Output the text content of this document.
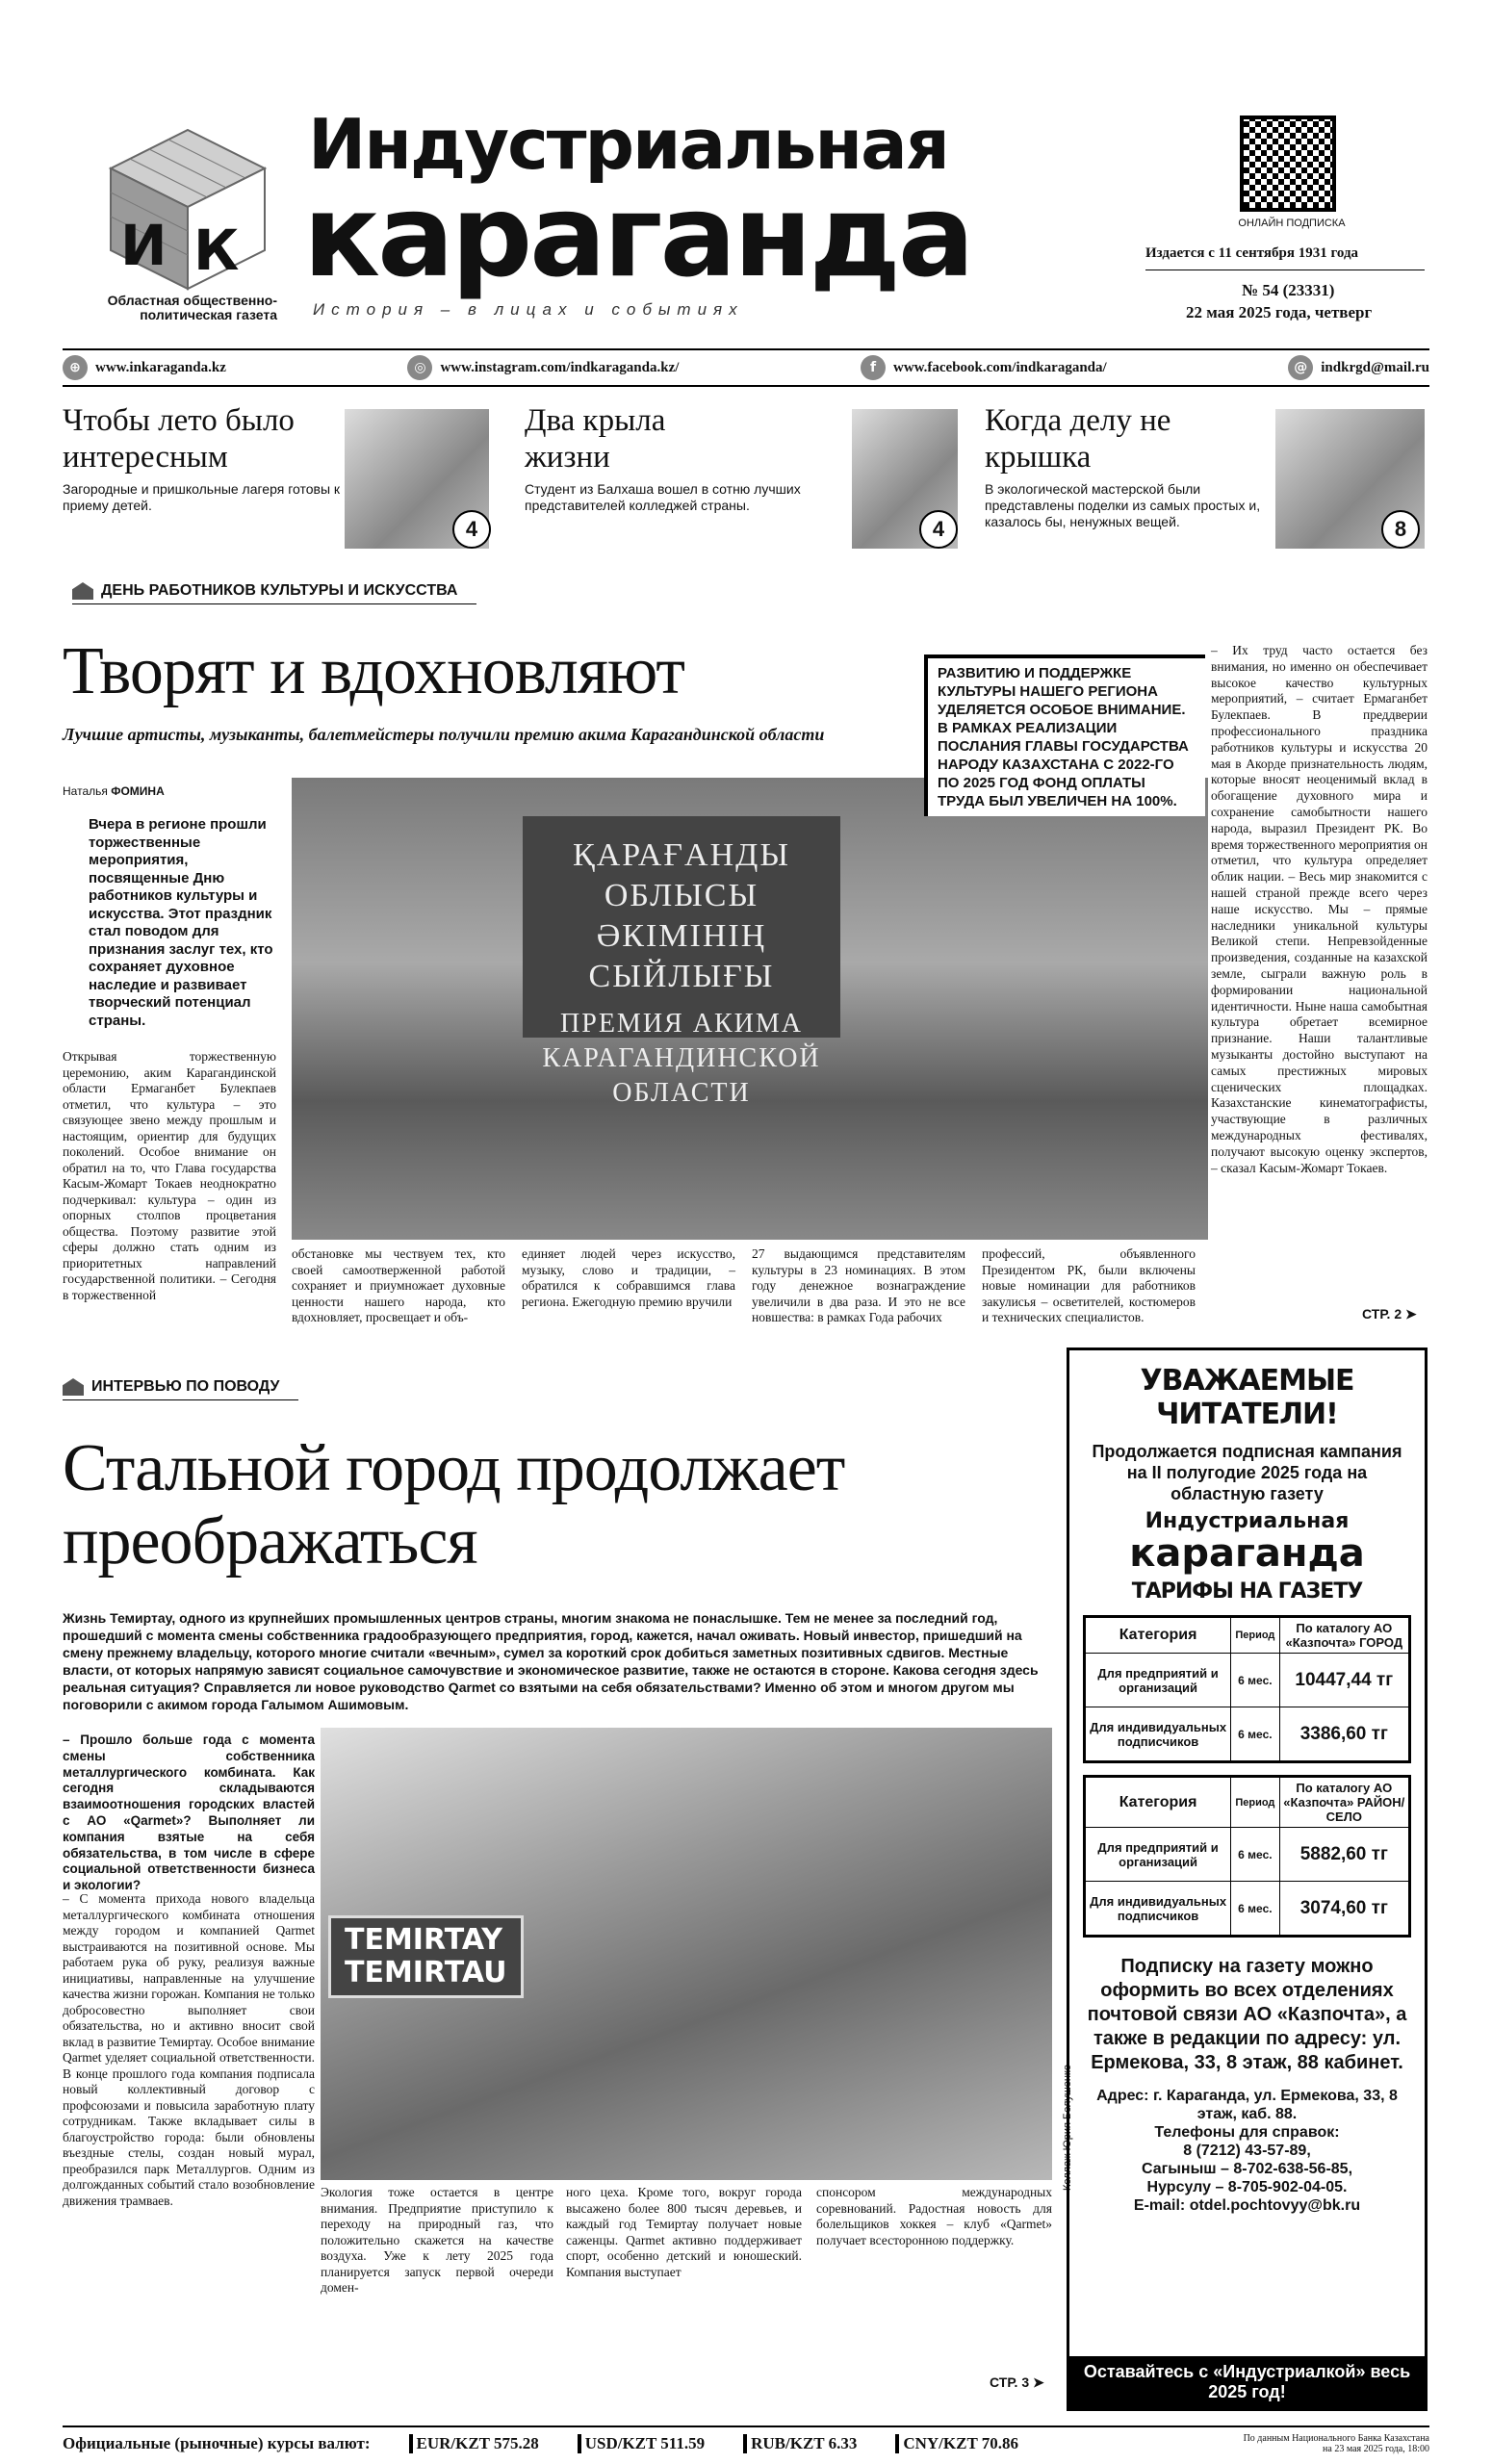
К
И
Областная общественно-политическая газета
Индустриальная
караганда
История – в лицах и событиях
ОНЛАЙН ПОДПИСКА
Издается с 11 сентября 1931 года
№ 54 (23331)
22 мая 2025 года, четверг
⊕	www.inkaraganda.kz	◎ www.instagram.com/indkaraganda.kz/	f	www.facebook.com/indkaraganda/	@ indkrgd@mail.ru
Чтобы лето было интересным
Загородные и пришкольные лагеря готовы к приему детей.
4
Два крыла жизни
Студент из Балхаша вошел в сотню лучших представителей колледжей страны.
4
Когда делу не крышка
В экологической мастерской были представлены поделки из самых простых и, казалось бы, ненужных вещей.	8
ДЕНЬ РАБОТНИКОВ КУЛЬТУРЫ И ИСКУССТВА
Творят и вдохновляют
Лучшие артисты, музыканты, балетмейстеры получили премию акима Карагандинской области
Наталья ФОМИНА
Вчера в регионе прошли торжественные мероприятия, посвященные Дню работников культуры и искусства. Этот праздник стал поводом для признания заслуг тех, кто сохраняет духовное наследие и развивает творческий потенциал страны.
ҚАРАҒАНДЫ ОБЛЫСЫ ӘКІМІНІҢ СЫЙЛЫҒЫ
ПРЕМИЯ АКИМА КАРАГАНДИНСКОЙ ОБЛАСТИ
РАЗВИТИЮ И ПОДДЕРЖКЕ КУЛЬТУРЫ НАШЕГО РЕГИОНА УДЕЛЯЕТСЯ ОСОБОЕ ВНИМАНИЕ. В РАМКАХ РЕАЛИЗАЦИИ ПОСЛАНИЯ ГЛАВЫ ГОСУДАРСТВА НАРОДУ КАЗАХСТАНА С 2022-ГО ПО 2025 ГОД ФОНД ОПЛАТЫ ТРУДА БЫЛ УВЕЛИЧЕН НА 100%.
Открывая торжественную церемонию, аким Карагандинской области Ермаганбет Булекпаев отметил, что культура – это связующее звено между прошлым и настоящим, ориентир для будущих поколений. Особое внимание он обратил на то, что Глава государства Касым-Жомарт Токаев неоднократно подчеркивал: культура – один из опорных столпов процветания общества. Поэтому развитие этой сферы должно стать одним из приоритетных направлений государственной политики. – Сегодня в торжественной
обстановке мы чествуем тех, кто своей самоотверженной работой сохраняет и приумножает духовные ценности нашего народа, кто вдохновляет, просвещает и объ-
единяет людей через искусство, музыку, слово и традиции, – обратился к собравшимся глава региона. Ежегодную премию вручили
27 выдающимся представителям культуры в 23 номинациях. В этом году денежное вознаграждение увеличили в два раза. И это не все новшества: в рамках Года рабочих
профессий, объявленного Президентом РК, были включены новые номинации для работников закулисья – осветителей, костюмеров и технических специалистов.
– Их труд часто остается без внимания, но именно он обеспечивает высокое качество культурных мероприятий, – считает Ермаганбет Булекпаев. В преддверии профессионального праздника работников культуры и искусства 20 мая в Акорде признательность людям, которые вносят неоценимый вклад в обогащение духовного мира и сохранение самобытности нашего народа, выразил Президент РК. Во время торжественного мероприятия он отметил, что культура определяет облик нации. – Весь мир знакомится с нашей страной прежде всего через наше искусство. Мы – прямые наследники уникальной культуры Великой степи. Непревзойденные произведения, созданные на казахской земле, сыграли важную роль в формировании национальной идентичности. Ныне наша самобытная культура обретает всемирное признание. Наши талантливые музыканты достойно выступают на самых престижных мировых сценических площадках. Казахстанские кинематографисты, участвующие в различных международных фестивалях, получают высокую оценку экспертов, – сказал Касым-Жомарт Токаев.
СТР. 2 ➤
ИНТЕРВЬЮ ПО ПОВОДУ
Стальной город продолжает
преображаться
Жизнь Темиртау, одного из крупнейших промышленных центров страны, многим знакома не понаслышке. Тем не менее за последний год, прошедший с момента смены собственника градообразующего предприятия, город, кажется, начал оживать. Новый инвестор, пришедший на смену прежнему владельцу, которого многие считали «вечным», сумел за короткий срок добиться заметных позитивных сдвигов. Местные власти, от которых напрямую зависят социальное самочувствие и экономическое развитие, также не остаются в стороне. Какова сегодня здесь реальная ситуация? Справляется ли новое руководство Qarmet со взятыми на себя обязательствами? Именно об этом и многом другом мы поговорили с акимом города Галымом Ашимовым.
– Прошло больше года с момента смены собственника металлургического комбината. Как сегодня складываются взаимоотношения городских властей с АО «Qarmet»? Выполняет ли компания взятые на себя обязательства, в том числе в сфере социальной ответственности бизнеса и экологии?
– С момента прихода нового владельца металлургического комбината отношения между городом и компанией Qarmet выстраиваются на позитивной основе. Мы работаем рука об руку, реализуя важные инициативы, направленные на улучшение качества жизни горожан. Компания не только добросовестно выполняет свои обязательства, но и активно вносит свой вклад в развитие Темиртау. Особое внимание Qarmet уделяет социальной ответственности. В конце прошлого года компания подписала новый коллективный договор с профсоюзами и повысила заработную плату сотрудникам. Также вкладывает силы в благоустройство города: были обновлены въездные стелы, создан новый мурал, преобразился парк Металлургов. Одним из долгожданных событий стало возобновление движения трамваев.
TEMIRTAY
TEMIRTAU
Коллаж Юрия Белушенко
Экология тоже остается в центре внимания. Предприятие приступило к переходу на природный газ, что положительно скажется на качестве воздуха. Уже к лету 2025 года планируется запуск первой очереди домен-
ного цеха. Кроме того, вокруг города высажено более 800 тысяч деревьев, и каждый год Темиртау получает новые саженцы. Qarmet активно поддерживает спорт, особенно детский и юношеский. Компания выступает
спонсором международных соревнований. Радостная новость для болельщиков хоккея – клуб «Qarmet» получает всесторонною поддержку.
СТР. 3 ➤
УВАЖАЕМЫЕ ЧИТАТЕЛИ!
Продолжается подписная кампания на II полугодие 2025 года на областную газету
Индустриальная
караганда
ТАРИФЫ НА ГАЗЕТУ
Категория	Период	По каталогу АО «Казпочта» ГОРОД
Для предприятий и организаций	6 мес.	10447,44 тг
Для индивидуальных подписчиков	6 мес.	3386,60 тг
Категория	Период	По каталогу АО «Казпочта» РАЙОН/СЕЛО
Для предприятий и организаций	6 мес.	5882,60 тг
Для индивидуальных подписчиков	6 мес.	3074,60 тг
Подписку на газету можно оформить во всех отделениях почтовой связи АО «Казпочта», а также в редакции по адресу: ул. Ермекова, 33, 8 этаж, 88 кабинет.
Адрес: г. Караганда, ул. Ермекова, 33, 8 этаж, каб. 88.
Телефоны для справок:
8 (7212) 43-57-89,
Сагыныш – 8-702-638-56-85,
Нурсулу – 8-705-902-04-05.
E-mail: otdel.pochtovyy@bk.ru
Оставайтесь с «Индустриалкой» весь 2025 год!
Официальные (рыночные) курсы валют:	EUR/KZT 575.28	USD/KZT 511.59	RUB/KZT 6.33	CNY/KZT 70.86	По данным Национального Банка Казахстана на 23 мая 2025 года, 18:00
